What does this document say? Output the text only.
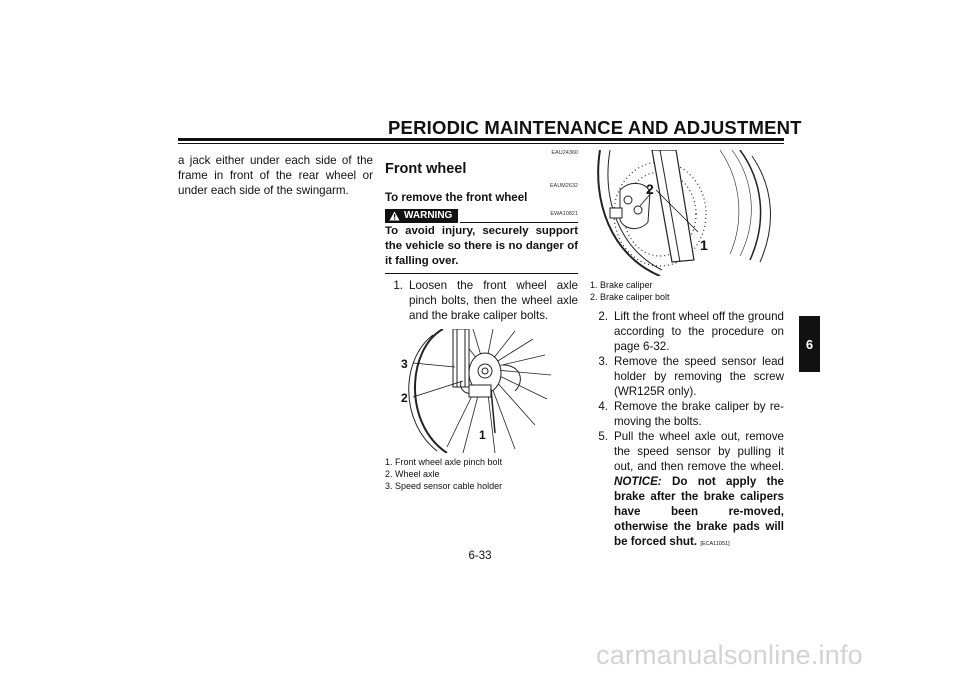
PERIODIC MAINTENANCE AND ADJUSTMENT

a jack either under each side of the frame in front of the rear wheel or under each side of the swingarm.

EAU24360
Front wheel
EAUM2632
To remove the front wheel
WARNING	EWA10821
To avoid injury, securely support the vehicle so there is no danger of it falling over.
1. Loosen the front wheel axle pinch bolts, then the wheel axle and the brake caliper bolts.
3
2
1
1. Front wheel axle pinch bolt
2. Wheel axle
3. Speed sensor cable holder
2
1
1. Brake caliper
2. Brake caliper bolt
2. Lift the front wheel off the ground according to the procedure on page 6-32.
3. Remove the speed sensor lead holder by removing the screw (WR125R only).
4. Remove the brake caliper by re-moving the bolts.
5. Pull the wheel axle out, remove the speed sensor by pulling it out, and then remove the wheel. NOTICE: Do not apply the brake after the brake calipers have been re-moved, otherwise the brake pads will be forced shut. [ECA11051]
6
6-33
carmanualsonline.info
